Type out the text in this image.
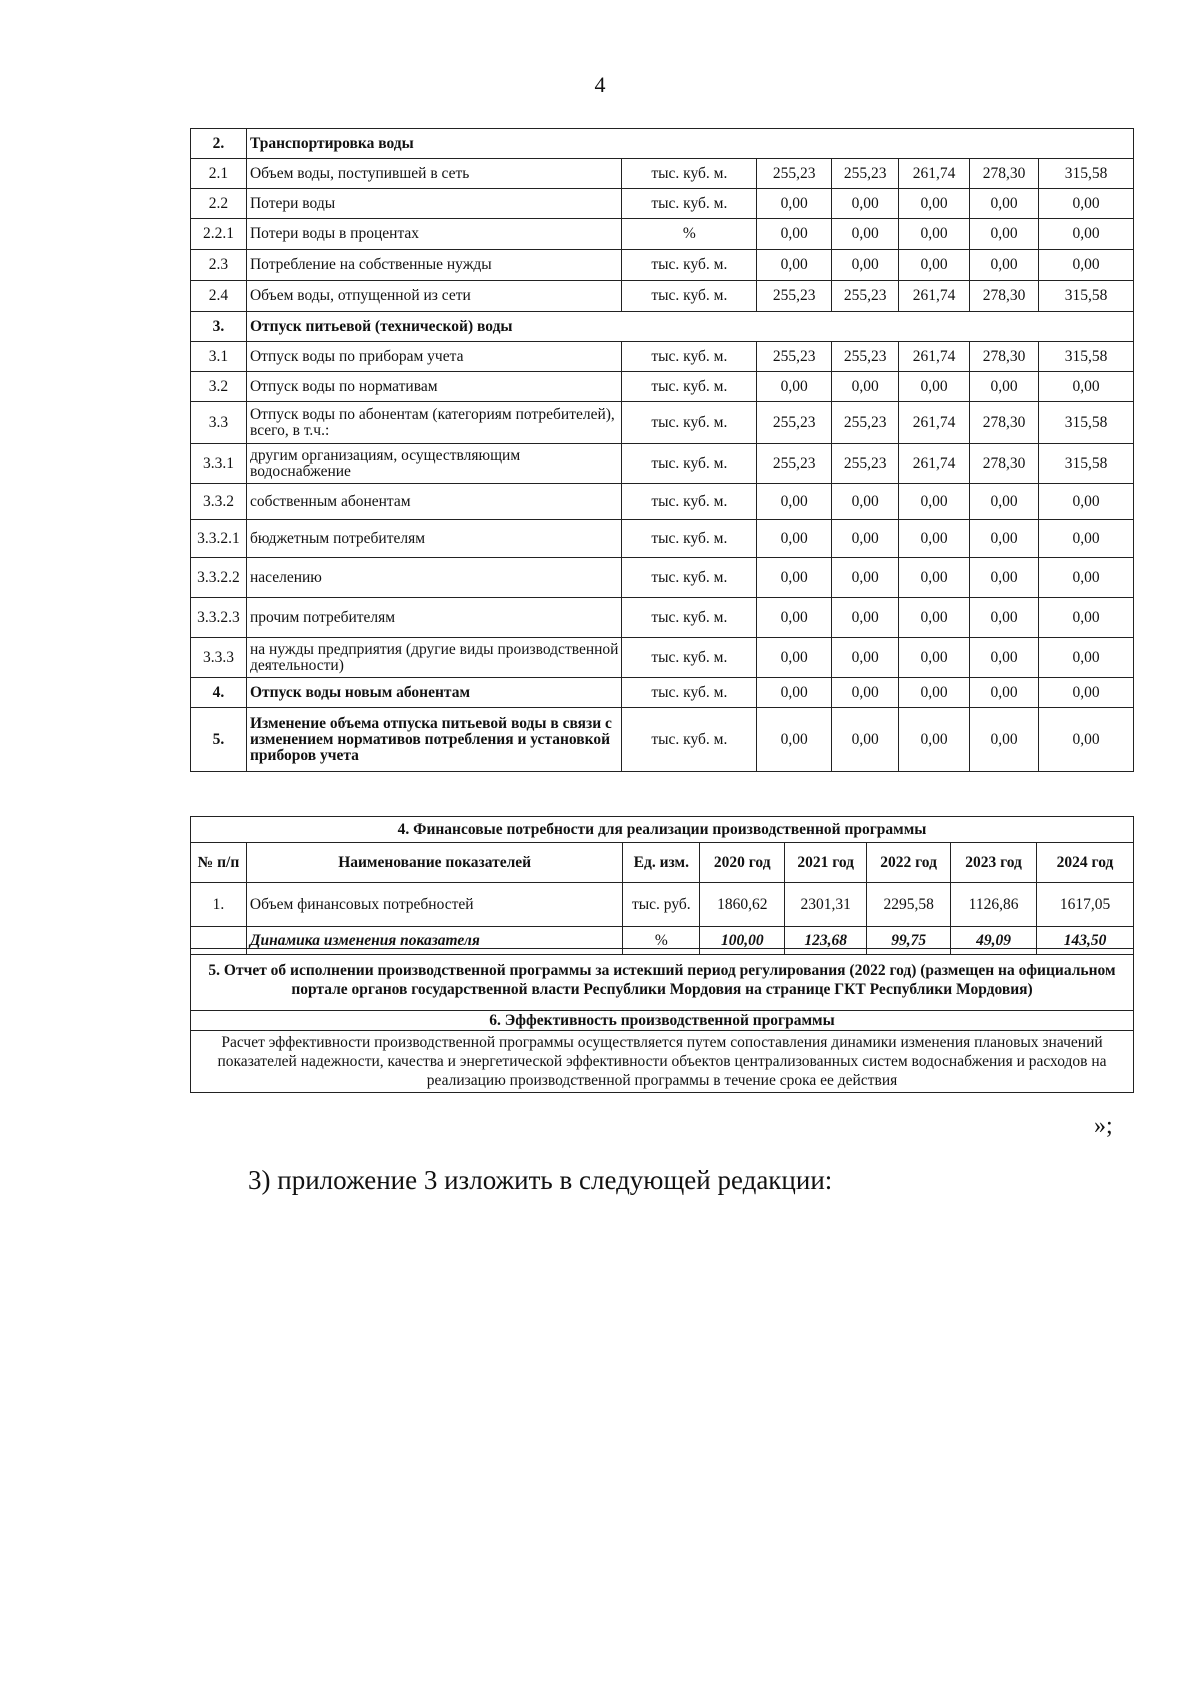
4
2.	Транспортировка воды						
2.1	Объем воды, поступившей в сеть	тыс. куб. м.	255,23	255,23	261,74	278,30	315,58
2.2	Потери воды	тыс. куб. м.	0,00	0,00	0,00	0,00	0,00
2.2.1	Потери воды в процентах	%	0,00	0,00	0,00	0,00	0,00
2.3	Потребление на собственные нужды	тыс. куб. м.	0,00	0,00	0,00	0,00	0,00
2.4	Объем воды, отпущенной из сети	тыс. куб. м.	255,23	255,23	261,74	278,30	315,58
3.	Отпуск питьевой (технической) воды						
3.1	Отпуск воды по приборам учета	тыс. куб. м.	255,23	255,23	261,74	278,30	315,58
3.2	Отпуск воды по нормативам	тыс. куб. м.	0,00	0,00	0,00	0,00	0,00
3.3	Отпуск воды по абонентам (категориям потребителей), всего, в т.ч.:	тыс. куб. м.	255,23	255,23	261,74	278,30	315,58
3.3.1	другим организациям, осуществляющим водоснабжение	тыс. куб. м.	255,23	255,23	261,74	278,30	315,58
3.3.2	собственным абонентам	тыс. куб. м.	0,00	0,00	0,00	0,00	0,00
3.3.2.1	бюджетным потребителям	тыс. куб. м.	0,00	0,00	0,00	0,00	0,00
3.3.2.2	населению	тыс. куб. м.	0,00	0,00	0,00	0,00	0,00
3.3.2.3	прочим потребителям	тыс. куб. м.	0,00	0,00	0,00	0,00	0,00
3.3.3	на нужды предприятия (другие виды производственной деятельности)	тыс. куб. м.	0,00	0,00	0,00	0,00	0,00
4.	Отпуск воды новым абонентам	тыс. куб. м.	0,00	0,00	0,00	0,00	0,00
5.	Изменение объема отпуска питьевой воды в связи с изменением нормативов потребления и установкой приборов учета	тыс. куб. м.	0,00	0,00	0,00	0,00	0,00
4. Финансовые потребности для реализации производственной программы							
№ п/п	Наименование показателей	Ед. изм.	2020 год	2021 год	2022 год	2023 год	2024 год
1.	Объем финансовых потребностей	тыс. руб.	1860,62	2301,31	2295,58	1126,86	1617,05
	Динамика изменения показателя	%	100,00	123,68	99,75	49,09	143,50
5. Отчет об исполнении производственной программы за истекший период регулирования (2022 год) (размещен на официальном портале органов государственной власти Республики Мордовия на странице ГКТ Республики Мордовия)
6. Эффективность производственной программы
Расчет эффективности производственной программы осуществляется путем сопоставления динамики изменения плановых значений показателей надежности, качества и энергетической эффективности объектов централизованных систем водоснабжения и расходов на реализацию производственной программы в течение срока ее действия
»;
3) приложение 3 изложить в следующей редакции:
